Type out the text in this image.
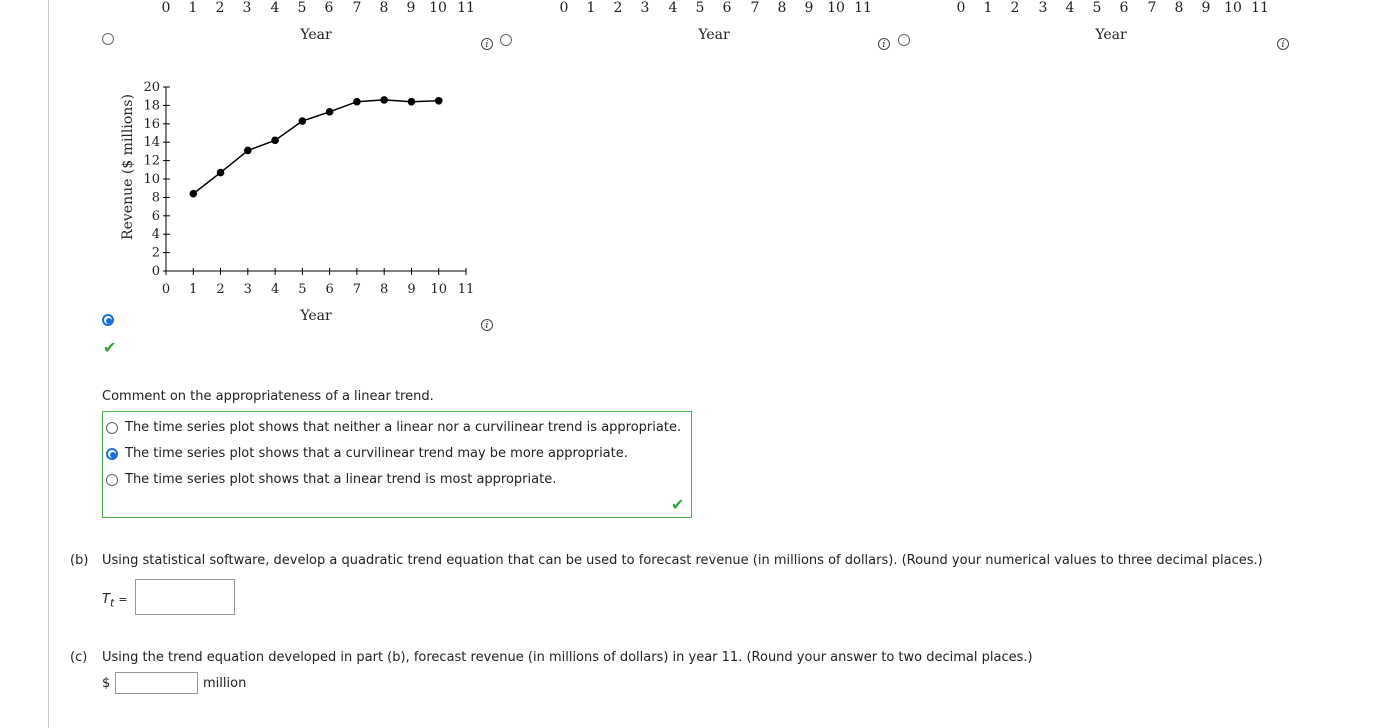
0 1 2 3 4 5 6 7 8 9 10 11	0 1 2 3 4 5 6 7 8 9 10 11	0 1 2 3 4 5 6 7 8 9 10 11
Year	Year	Year
i	i	i
0
2
4
6
8
10
12
14
16
18
20
0 1 2 3 4 5 6 7 8 9 10 11
Revenue ($ millions)
Year
i
✔
Comment on the appropriateness of a linear trend.
The time series plot shows that neither a linear nor a curvilinear trend is appropriate.
The time series plot shows that a curvilinear trend may be more appropriate.
The time series plot shows that a linear trend is most appropriate.
✔
(b) Using statistical software, develop a quadratic trend equation that can be used to forecast revenue (in millions of dollars). (Round your numerical values to three decimal places.)
$T_t$ =
(c) Using the trend equation developed in part (b), forecast revenue (in millions of dollars) in year 11. (Round your answer to two decimal places.)
$	million
